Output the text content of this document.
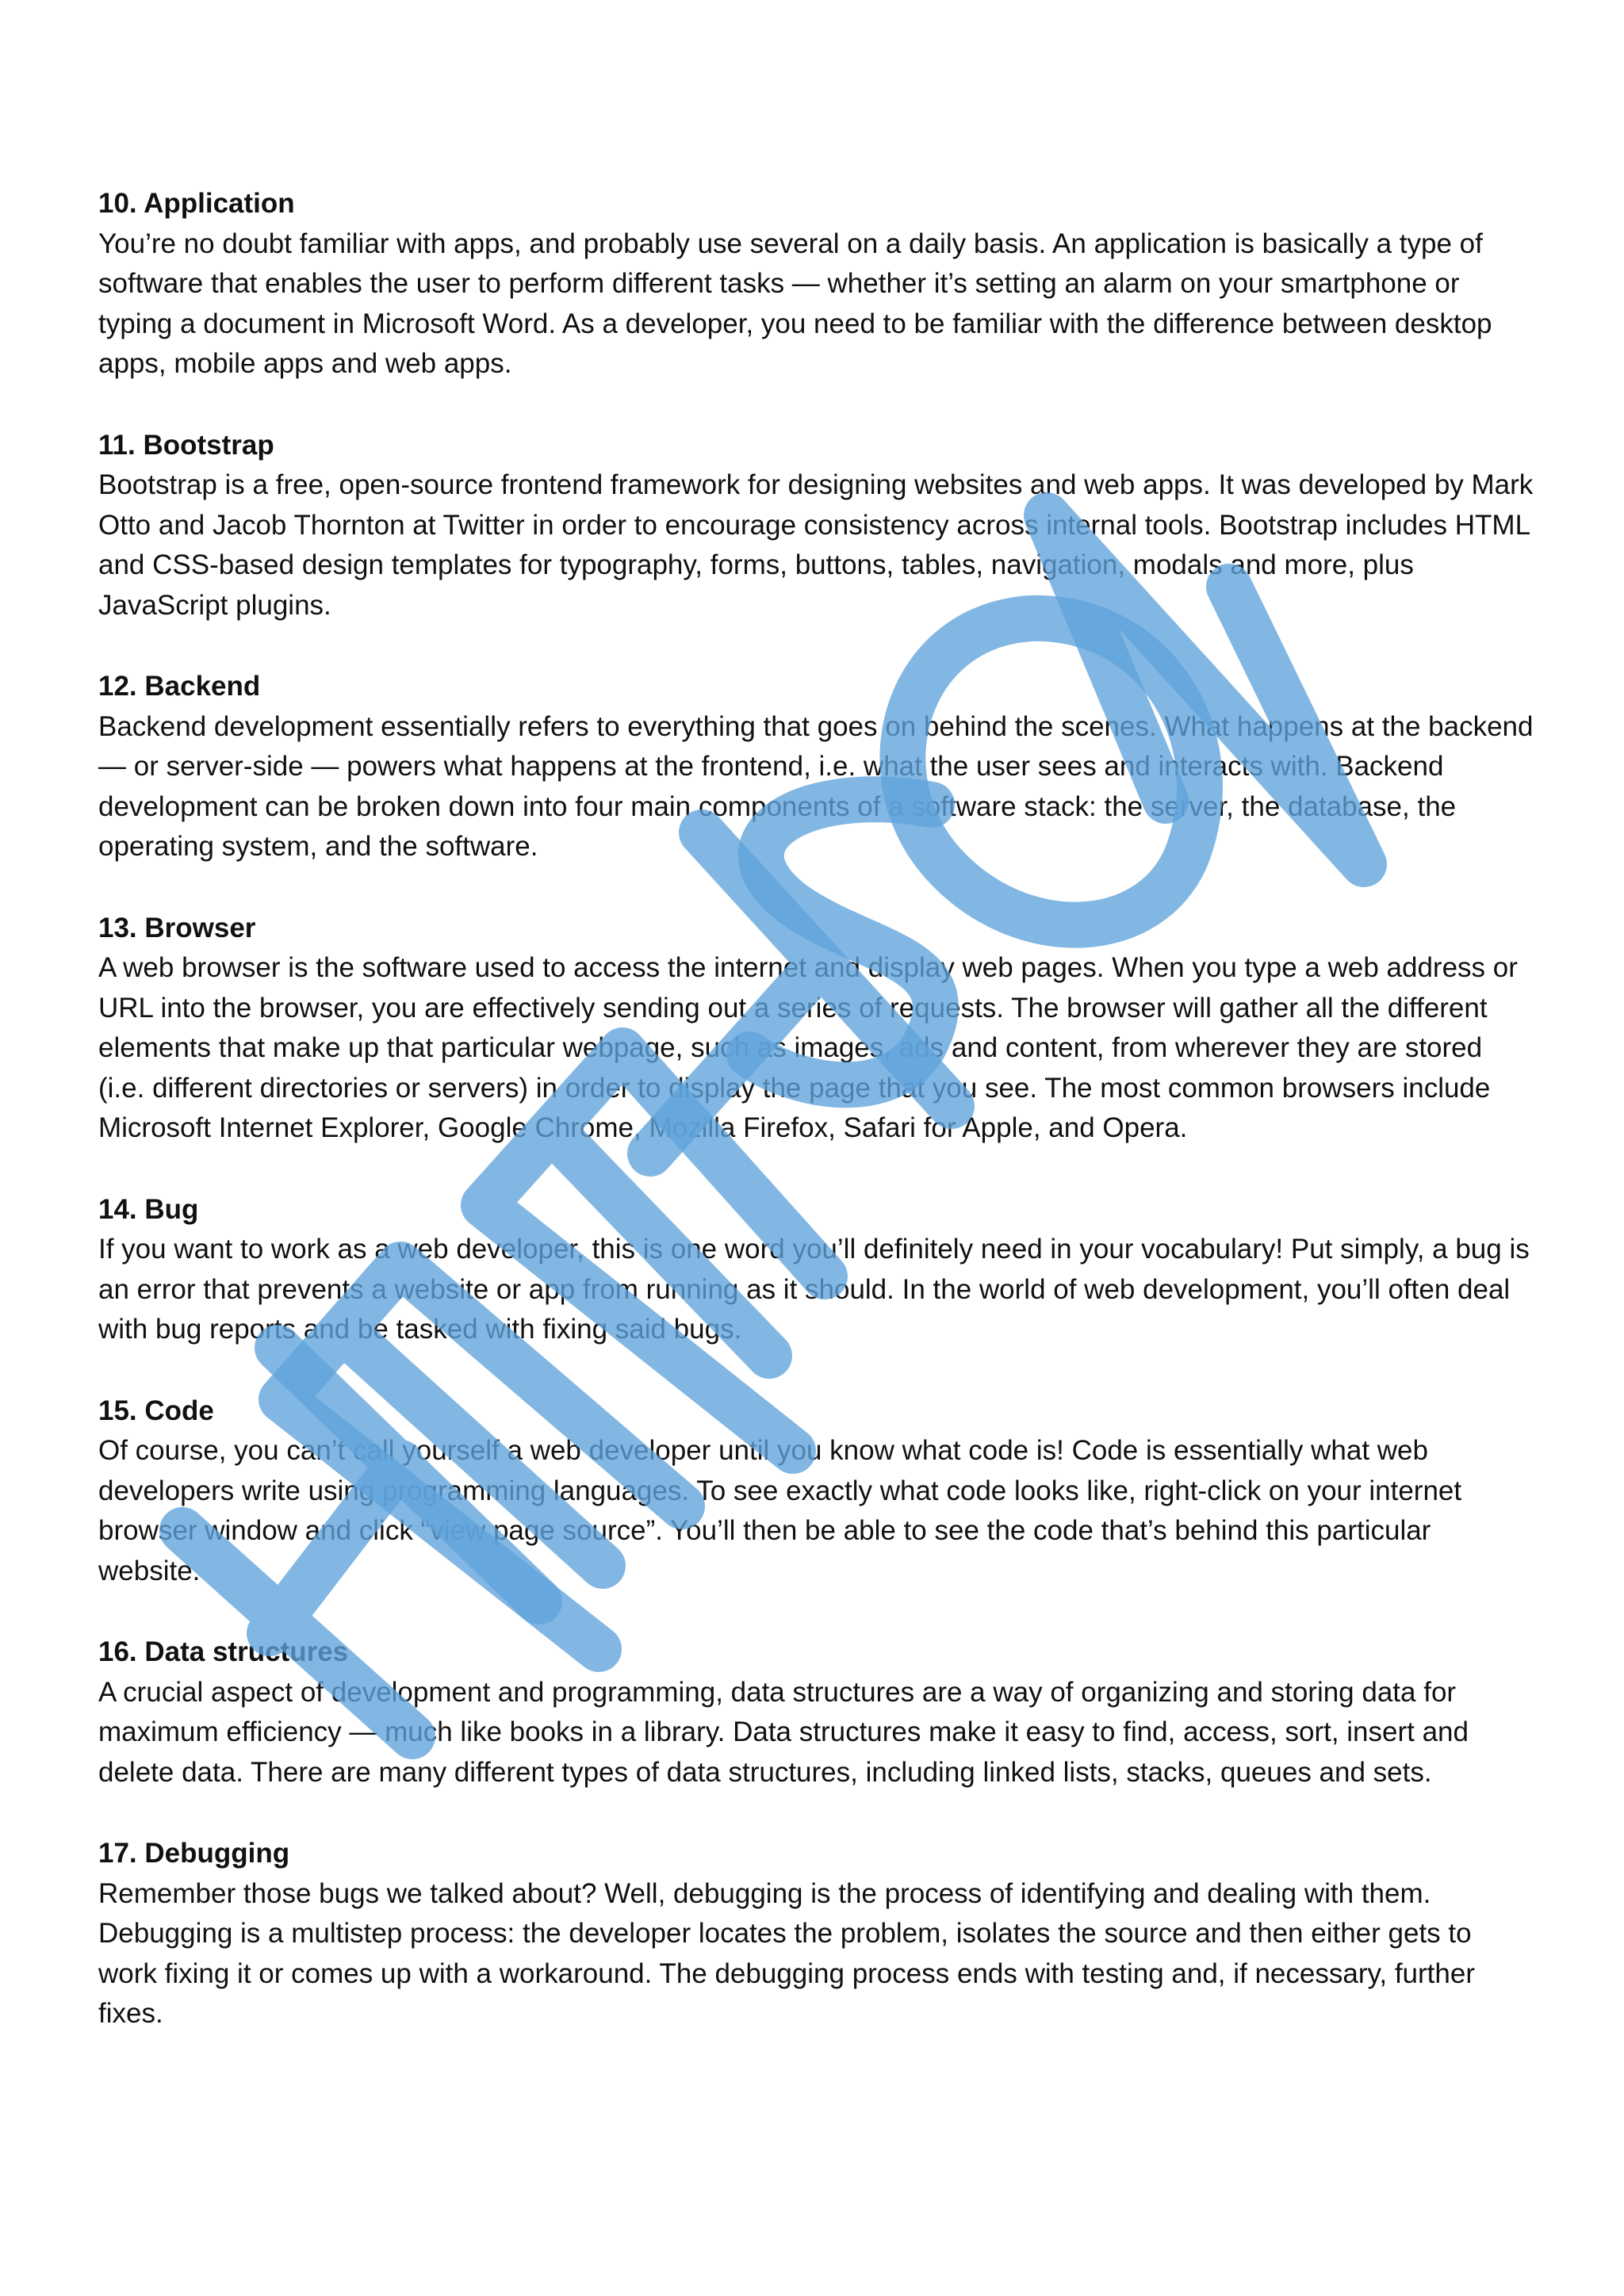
10. Application

You’re no doubt familiar with apps, and probably use several on a daily basis. An application is basically a type of software that enables the user to perform different tasks — whether it’s setting an alarm on your smartphone or typing a document in Microsoft Word. As a developer, you need to be familiar with the difference between desktop apps, mobile apps and web apps.

11. Bootstrap

Bootstrap is a free, open-source frontend framework for designing websites and web apps. It was developed by Mark Otto and Jacob Thornton at Twitter in order to encourage consistency across internal tools. Bootstrap includes HTML and CSS-based design templates for typography, forms, buttons, tables, navigation, modals and more, plus JavaScript plugins.

12. Backend

Backend development essentially refers to everything that goes on behind the scenes. What happens at the backend — or server-side — powers what happens at the frontend, i.e. what the user sees and interacts with. Backend development can be broken down into four main components of a software stack: the server, the database, the operating system, and the software.

13. Browser

A web browser is the software used to access the internet and display web pages. When you type a web address or URL into the browser, you are effectively sending out a series of requests. The browser will gather all the different elements that make up that particular webpage, such as images, ads and content, from wherever they are stored (i.e. different directories or servers) in order to display the page that you see. The most common browsers include Microsoft Internet Explorer, Google Chrome, Mozilla Firefox, Safari for Apple, and Opera.

14. Bug

If you want to work as a web developer, this is one word you’ll definitely need in your vocabulary! Put simply, a bug is an error that prevents a website or app from running as it should. In the world of web development, you’ll often deal with bug reports and be tasked with fixing said bugs.

15. Code

Of course, you can’t call yourself a web developer until you know what code is! Code is essentially what web developers write using programming languages. To see exactly what code looks like, right-click on your internet browser window and click “view page source”. You’ll then be able to see the code that’s behind this particular website.

16. Data structures

A crucial aspect of development and programming, data structures are a way of organizing and storing data for maximum efficiency — much like books in a library. Data structures make it easy to find, access, sort, insert and delete data. There are many different types of data structures, including linked lists, stacks, queues and sets.

17. Debugging

Remember those bugs we talked about? Well, debugging is the process of identifying and dealing with them. Debugging is a multistep process: the developer locates the problem, isolates the source and then either gets to work fixing it or comes up with a workaround. The debugging process ends with testing and, if necessary, further fixes.
